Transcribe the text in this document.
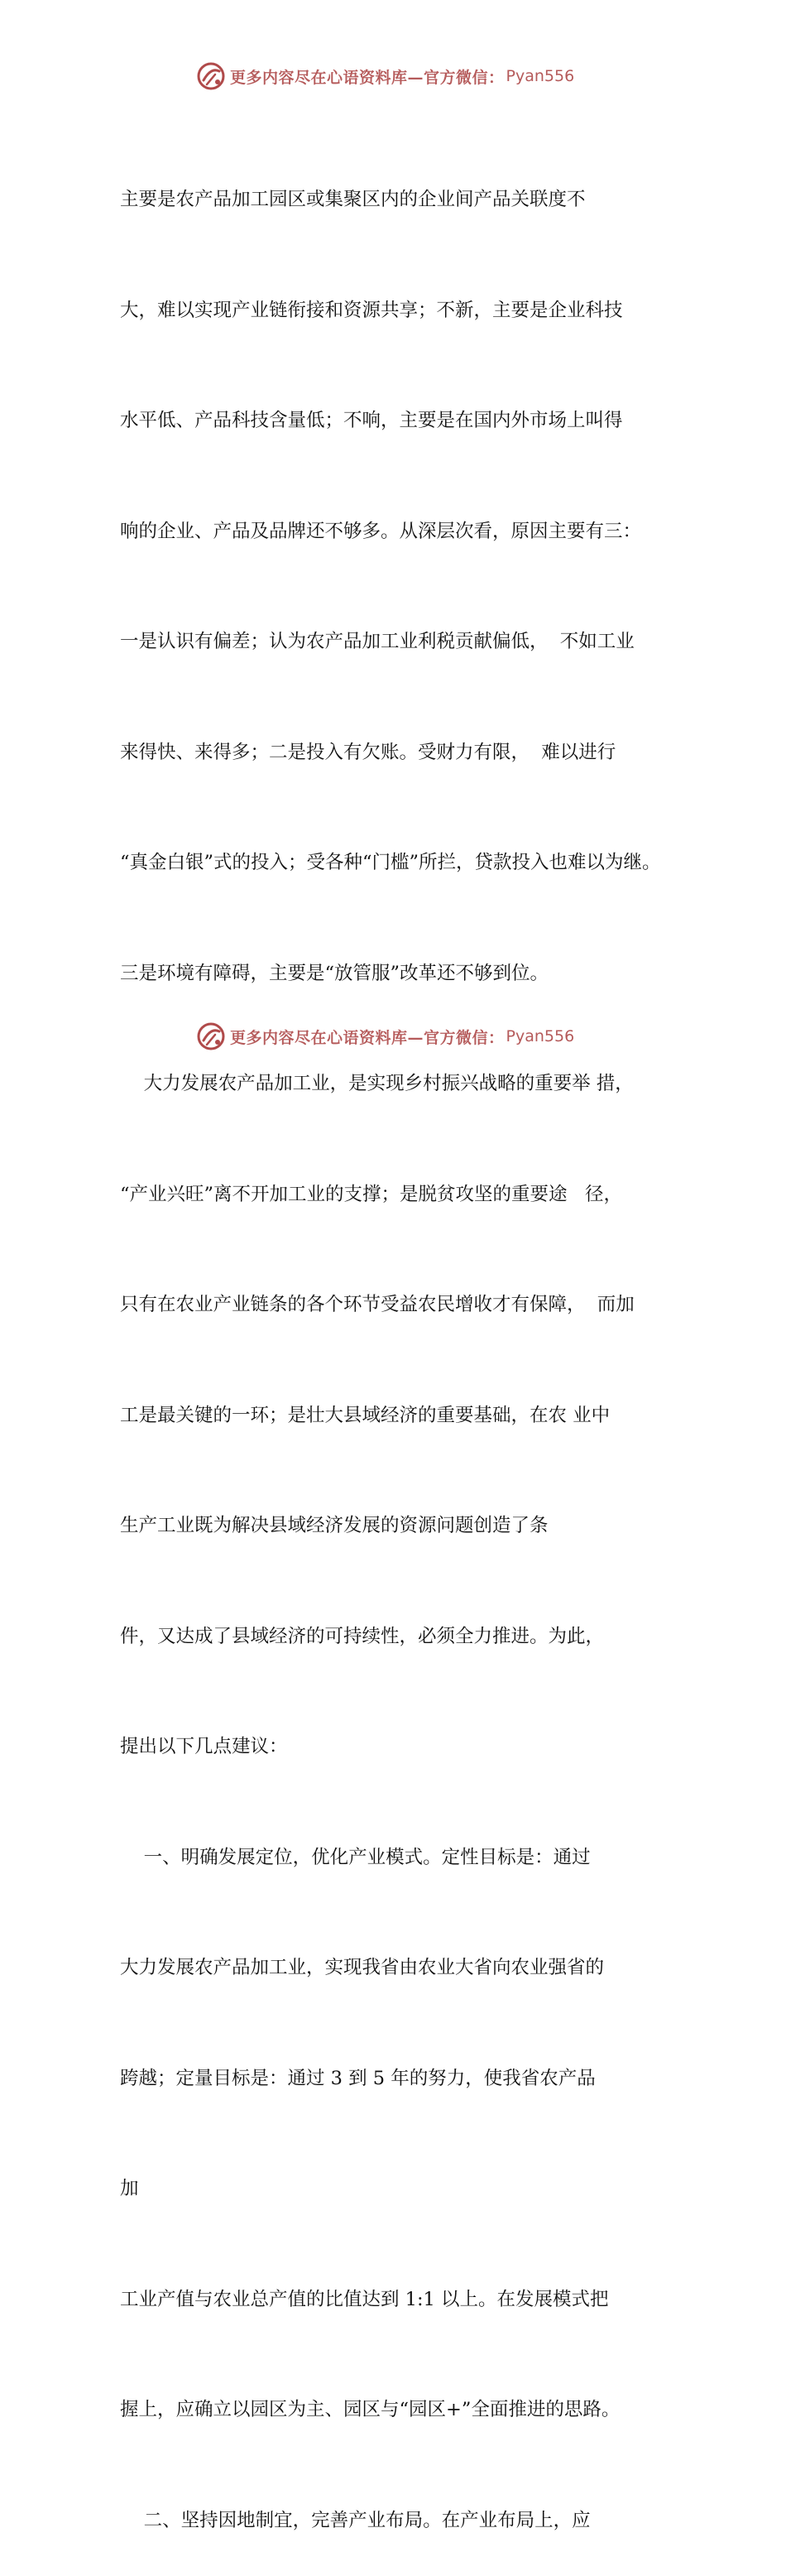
更多内容尽在心语资料库—官方微信： Pyan556

主要是农产品加工园区或集聚区内的企业间产品关联度不

大，难以实现产业链衔接和资源共享；不新，主要是企业科技

水平低、产品科技含量低；不响，主要是在国内外市场上叫得

响的企业、产品及品牌还不够多。从深层次看，原因主要有三：

一是认识有偏差；认为农产品加工业利税贡献偏低，  不如工业

来得快、来得多；二是投入有欠账。受财力有限，  难以进行

“真金白银”式的投入；受各种“门槛”所拦，贷款投入也难以为继。

三是环境有障碍，主要是“放管服”改革还不够到位。

大力发展农产品加工业，是实现乡村振兴战略的重要举 措，

“产业兴旺”离不开加工业的支撑；是脱贫攻坚的重要途   径，

只有在农业产业链条的各个环节受益农民增收才有保障，  而加

工是最关键的一环；是壮大县域经济的重要基础，在农 业中

生产工业既为解决县域经济发展的资源问题创造了条

件，又达成了县域经济的可持续性，必须全力推进。为此，

提出以下几点建议：

一、明确发展定位，优化产业模式。定性目标是：通过

大力发展农产品加工业，实现我省由农业大省向农业强省的

跨越；定量目标是：通过 3 到 5 年的努力，使我省农产品

加

工业产值与农业总产值的比值达到 1:1 以上。在发展模式把

握上，应确立以园区为主、园区与“园区+”全面推进的思路。

二、坚持因地制宜，完善产业布局。在产业布局上，应

更多内容尽在心语资料库—官方微信： Pyan556
